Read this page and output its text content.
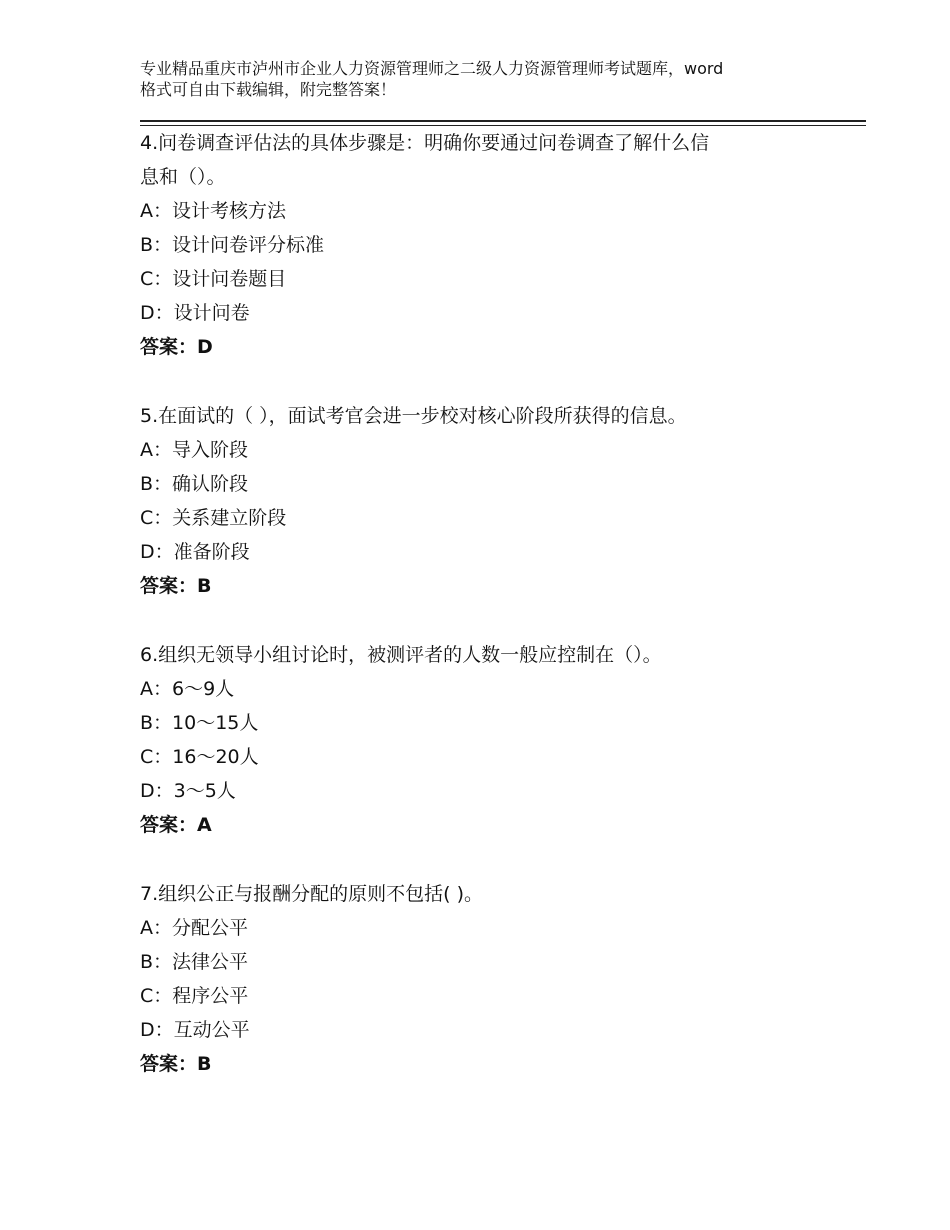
专业精品重庆市泸州市企业人力资源管理师之二级人力资源管理师考试题库，word
格式可自由下载编辑，附完整答案！
4.问卷调查评估法的具体步骤是：明确你要通过问卷调查了解什么信
息和（）。
A：设计考核方法
B：设计问卷评分标准
C：设计问卷题目
D：设计问卷
答案：D
5.在面试的（ ），面试考官会进一步校对核心阶段所获得的信息。
A：导入阶段
B：确认阶段
C：关系建立阶段
D：准备阶段
答案：B
6.组织无领导小组讨论时，被测评者的人数一般应控制在（）。
A：6～9人
B：10～15人
C：16～20人
D：3～5人
答案：A
7.组织公正与报酬分配的原则不包括( )。
A：分配公平
B：法律公平
C：程序公平
D：互动公平
答案：B
